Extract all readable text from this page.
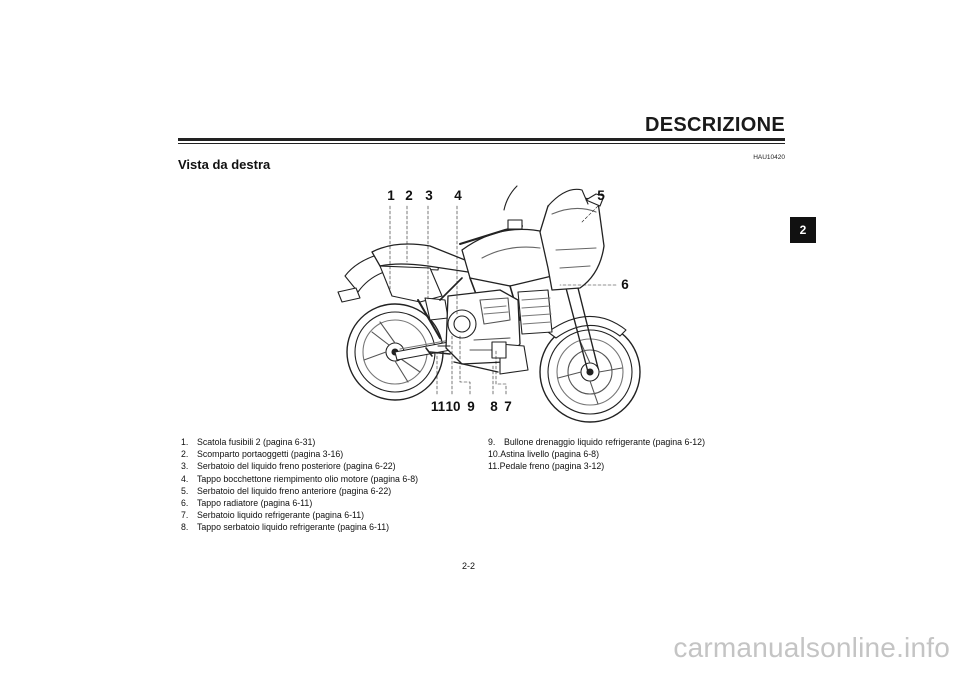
DESCRIZIONE
Vista da destra	HAU10420
2
1 2 3 4	5
6
7
8
9
10
11
1. Scatola fusibili 2 (pagina 6-31)
2. Scomparto portaoggetti (pagina 3-16)
3. Serbatoio del liquido freno posteriore (pagina 6-22)
4. Tappo bocchettone riempimento olio motore (pagina 6-8)
5. Serbatoio del liquido freno anteriore (pagina 6-22)
6. Tappo radiatore (pagina 6-11)
7. Serbatoio liquido refrigerante (pagina 6-11)
8. Tappo serbatoio liquido refrigerante (pagina 6-11)
9. Bullone drenaggio liquido refrigerante (pagina 6-12)
10. Astina livello (pagina 6-8)
11. Pedale freno (pagina 3-12)
2-2
carmanualsonline.info
